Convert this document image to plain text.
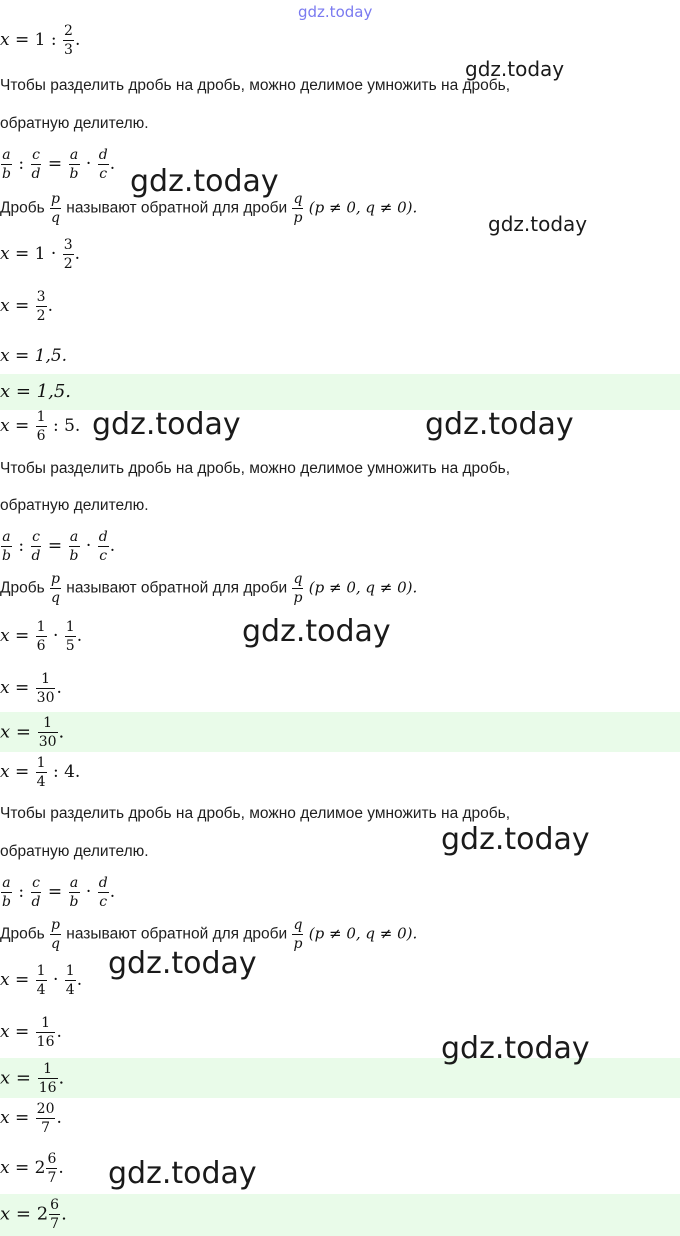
gdz.today
x = 1 : $\frac{2}{3}$ .
gdz.today
Чтобы разделить дробь на дробь, можно делимое умножить на дробь,
обратную делителю.
$\frac{a}{b}$ : $\frac{c}{d} = \frac{a}{b} \cdot \frac{d}{c}$ . gdz.today
Дробь $\frac{p}{q}$ называют обратной для дроби $\frac{q}{p} (p \ne 0$, q ≠ 0).
gdz.today
$x = 1 \cdot \frac{3}{2}$ .
$x = \frac{3}{2}$ .
x = 1,5.
x = 1,5.
$x = \frac{1}{6}$ : 5. gdz.today	gdz.today
Чтобы разделить дробь на дробь, можно делимое умножить на дробь,
обратную делителю.
$\frac{a}{b}$ : $\frac{c}{d} = \frac{a}{b} \cdot \frac{d}{c}$ .
Дробь $\frac{p}{q}$ называют обратной для дроби $\frac{q}{p} (p \ne 0$, q ≠ 0).
gdz.today
$x = \frac{1}{6} \cdot \frac{1}{5}$ .
$x = \frac{1}{30}$ .
$x = \frac{1}{30}$ .
$x = \frac{1}{4}$ : 4.
Чтобы разделить дробь на дробь, можно делимое умножить на дробь,
gdz.today
обратную делителю.
$\frac{a}{b}$ : $\frac{c}{d} = \frac{a}{b} \cdot \frac{d}{c}$ .
Дробь $\frac{p}{q}$ называют обратной для дроби $\frac{q}{p} (p \ne 0$, q ≠ 0).
gdz.today
$x = \frac{1}{4} \cdot \frac{1}{4}$ .
$x = \frac{1}{16}$ .	gdz.today
$x = \frac{1}{16}$ .
$x = \frac{20}{7}$ .
gdz.today
$x = 2 \frac{6}{7}$ .
$x = 2 \frac{6}{7}$ .
